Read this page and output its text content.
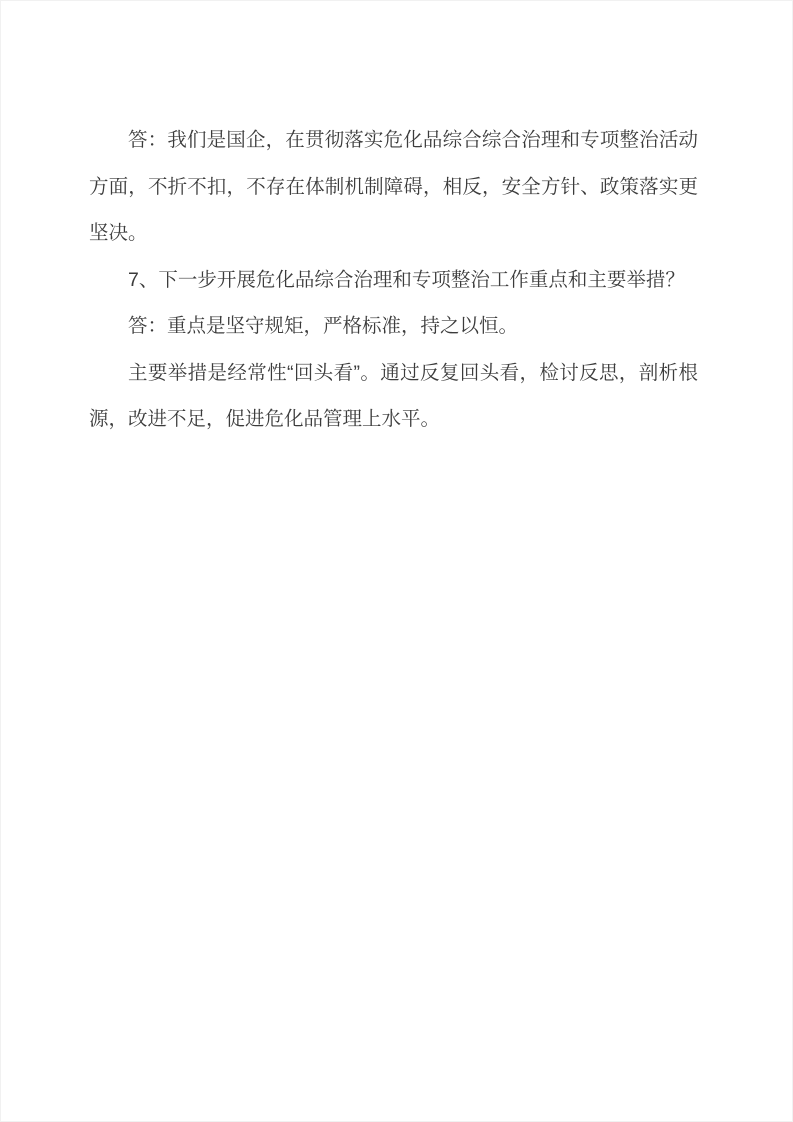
答：我们是国企，在贯彻落实危化品综合综合治理和专项整治活动方面，不折不扣，不存在体制机制障碍，相反，安全方针、政策落实更坚决。

7、下一步开展危化品综合治理和专项整治工作重点和主要举措？

答：重点是坚守规矩，严格标准，持之以恒。

主要举措是经常性“回头看”。通过反复回头看，检讨反思，剖析根源，改进不足，促进危化品管理上水平。
